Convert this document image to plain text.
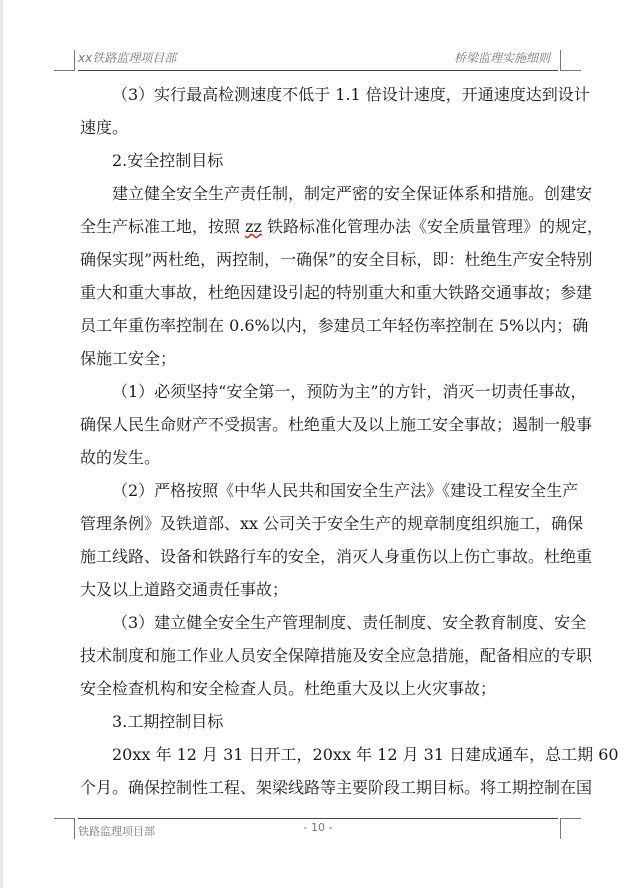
xx铁路监理项目部	桥梁监理实施细则
（3）实行最高检测速度不低于 1.1 倍设计速度，开通速度达到设计
速度。
2.安全控制目标
建立健全安全生产责任制，制定严密的安全保证体系和措施。创建安
全生产标准工地，按照 zz 铁路标准化管理办法《安全质量管理》的规定，
确保实现”两杜绝，两控制，一确保”的安全目标，即：杜绝生产安全特别
重大和重大事故，杜绝因建设引起的特别重大和重大铁路交通事故；参建
员工年重伤率控制在 0.6%以内，参建员工年轻伤率控制在 5%以内；确
保施工安全；
（1）必须坚持“安全第一，预防为主”的方针，消灭一切责任事故，
确保人民生命财产不受损害。杜绝重大及以上施工安全事故；遏制一般事
故的发生。
（2）严格按照《中华人民共和国安全生产法》《建设工程安全生产
管理条例》及铁道部、xx 公司关于安全生产的规章制度组织施工，确保
施工线路、设备和铁路行车的安全，消灭人身重伤以上伤亡事故。杜绝重
大及以上道路交通责任事故；
（3）建立健全安全生产管理制度、责任制度、安全教育制度、安全
技术制度和施工作业人员安全保障措施及安全应急措施，配备相应的专职
安全检查机构和安全检查人员。杜绝重大及以上火灾事故；
3.工期控制目标
20xx 年 12 月 31 日开工，20xx 年 12 月 31 日建成通车，总工期 60
个月。确保控制性工程、架梁线路等主要阶段工期目标。将工期控制在国
铁路监理项目部	- 10 -
